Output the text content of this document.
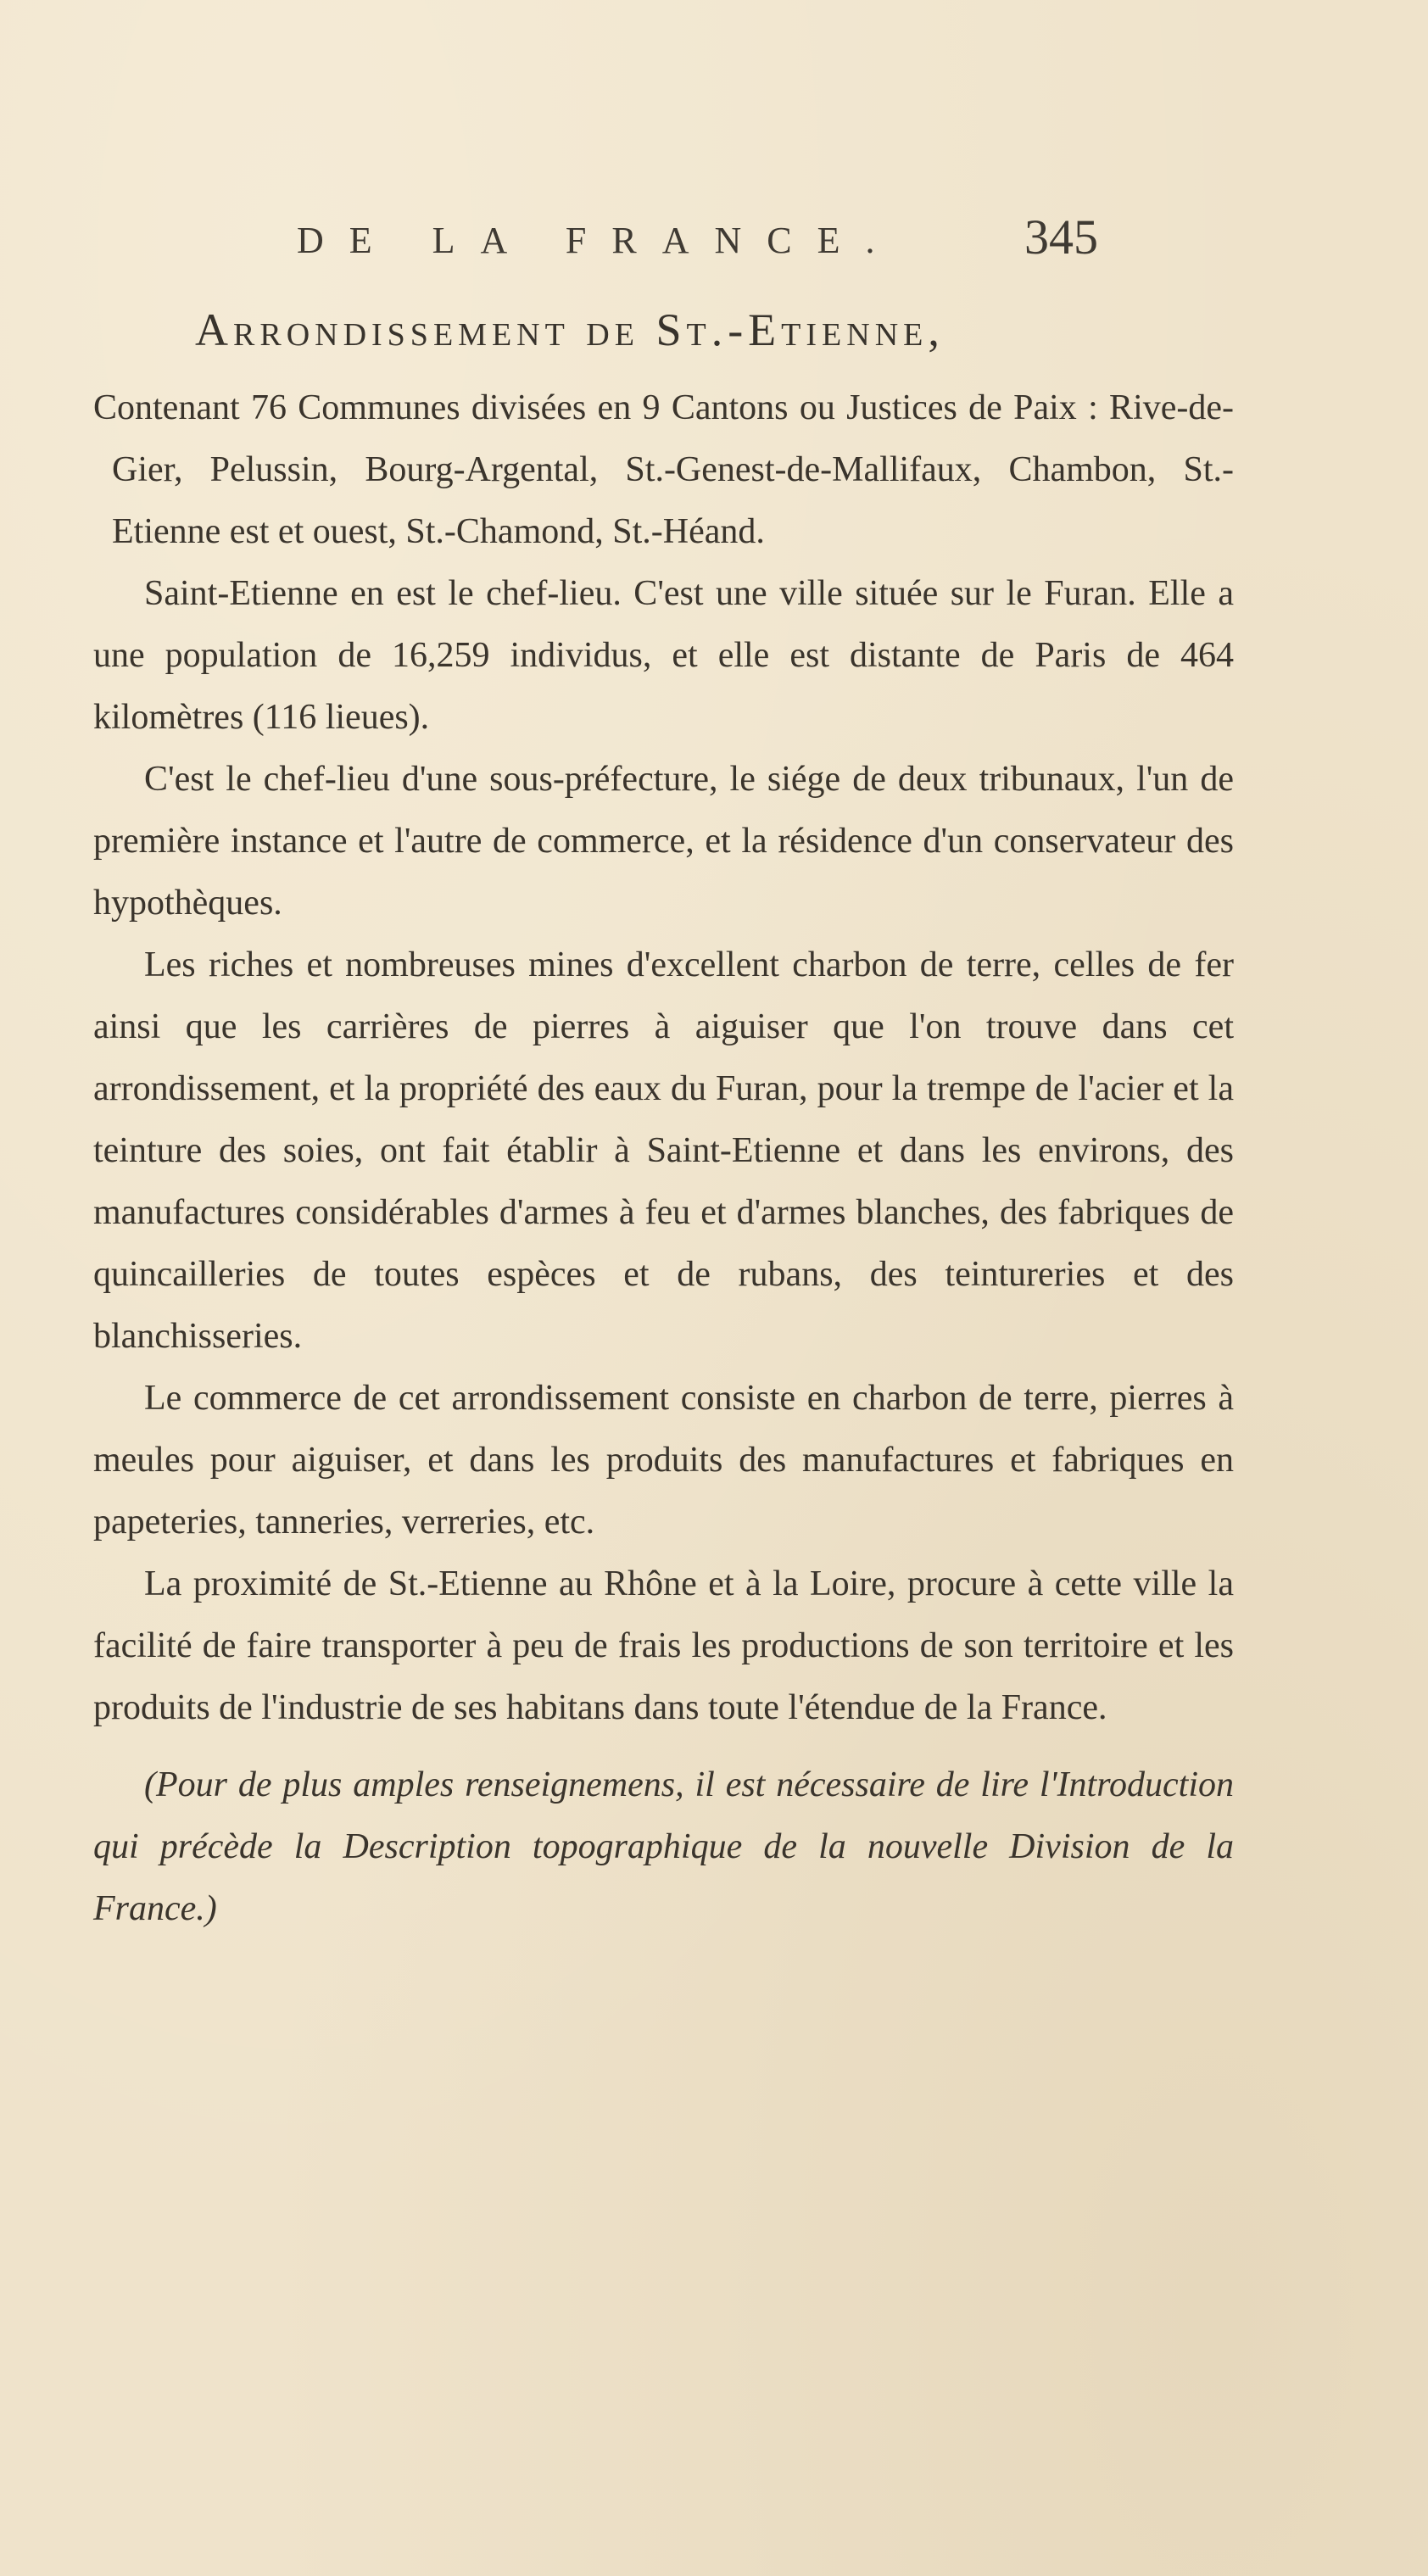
DE LA FRANCE.	345
Arrondissement de St.-Etienne,

Contenant 76 Communes divisées en 9 Cantons ou Justices de Paix : Rive-de-Gier, Pelussin, Bourg-Argental, St.-Genest-de-Mallifaux, Chambon, St.-Etienne est et ouest, St.-Chamond, St.-Héand.

Saint-Etienne en est le chef-lieu. C'est une ville située sur le Furan. Elle a une population de 16,259 individus, et elle est distante de Paris de 464 kilomètres (116 lieues).

C'est le chef-lieu d'une sous-préfecture, le siége de deux tribunaux, l'un de première instance et l'autre de commerce, et la résidence d'un conservateur des hypothèques.

Les riches et nombreuses mines d'excellent charbon de terre, celles de fer ainsi que les carrières de pierres à aiguiser que l'on trouve dans cet arrondissement, et la propriété des eaux du Furan, pour la trempe de l'acier et la teinture des soies, ont fait établir à Saint-Etienne et dans les environs, des manufactures considérables d'armes à feu et d'armes blanches, des fabriques de quincailleries de toutes espèces et de rubans, des teintureries et des blanchisseries.

Le commerce de cet arrondissement consiste en charbon de terre, pierres à meules pour aiguiser, et dans les produits des manufactures et fabriques en papeteries, tanneries, verreries, etc.

La proximité de St.-Etienne au Rhône et à la Loire, procure à cette ville la facilité de faire transporter à peu de frais les productions de son territoire et les produits de l'industrie de ses habitans dans toute l'étendue de la France.

(Pour de plus amples renseignemens, il est nécessaire de lire l'Introduction qui précède la Description topographique de la nouvelle Division de la France.)
